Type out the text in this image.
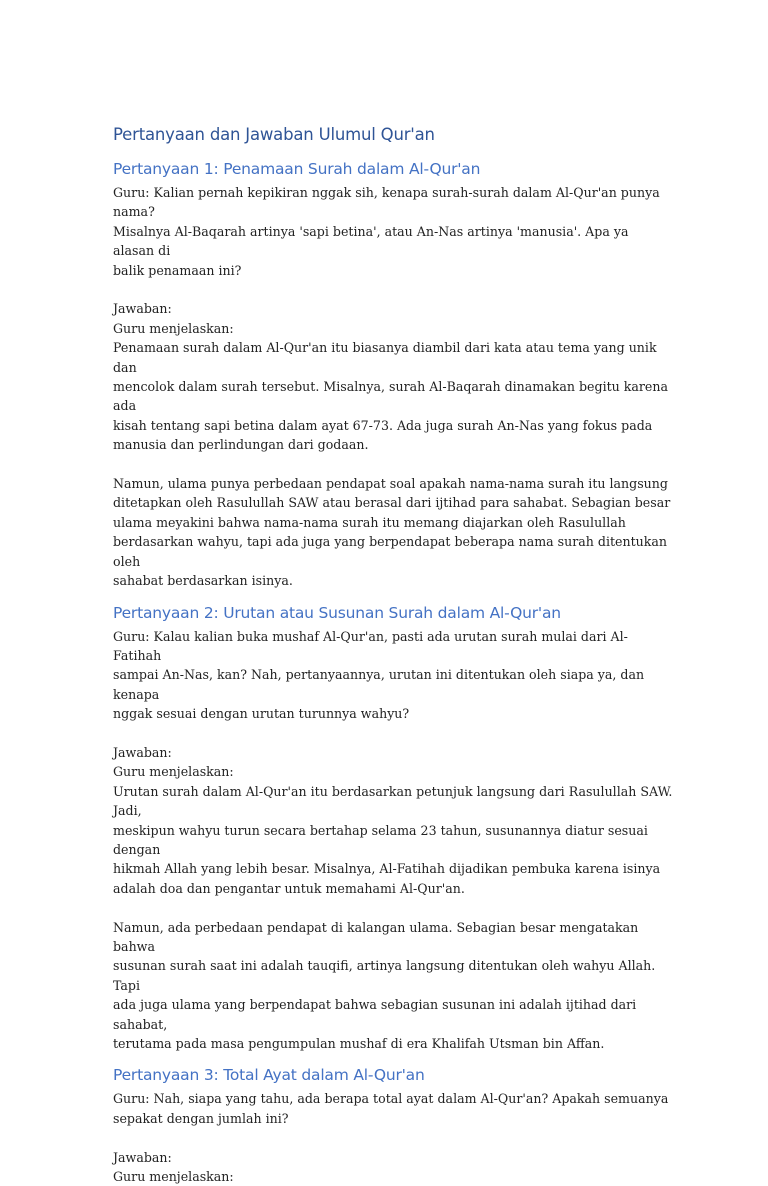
Pertanyaan dan Jawaban Ulumul Qur'an
Pertanyaan 1: Penamaan Surah dalam Al-Qur'an

Guru: Kalian pernah kepikiran nggak sih, kenapa surah-surah dalam Al-Qur'an punya nama?
Misalnya Al-Baqarah artinya 'sapi betina', atau An-Nas artinya 'manusia'. Apa ya alasan di
balik penamaan ini?

Jawaban:

Guru menjelaskan:

Penamaan surah dalam Al-Qur'an itu biasanya diambil dari kata atau tema yang unik dan
mencolok dalam surah tersebut. Misalnya, surah Al-Baqarah dinamakan begitu karena ada
kisah tentang sapi betina dalam ayat 67-73. Ada juga surah An-Nas yang fokus pada
manusia dan perlindungan dari godaan.

Namun, ulama punya perbedaan pendapat soal apakah nama-nama surah itu langsung
ditetapkan oleh Rasulullah SAW atau berasal dari ijtihad para sahabat. Sebagian besar
ulama meyakini bahwa nama-nama surah itu memang diajarkan oleh Rasulullah
berdasarkan wahyu, tapi ada juga yang berpendapat beberapa nama surah ditentukan oleh
sahabat berdasarkan isinya.

Pertanyaan 2: Urutan atau Susunan Surah dalam Al-Qur'an

Guru: Kalau kalian buka mushaf Al-Qur'an, pasti ada urutan surah mulai dari Al-Fatihah
sampai An-Nas, kan? Nah, pertanyaannya, urutan ini ditentukan oleh siapa ya, dan kenapa
nggak sesuai dengan urutan turunnya wahyu?

Jawaban:

Guru menjelaskan:

Urutan surah dalam Al-Qur'an itu berdasarkan petunjuk langsung dari Rasulullah SAW. Jadi,
meskipun wahyu turun secara bertahap selama 23 tahun, susunannya diatur sesuai dengan
hikmah Allah yang lebih besar. Misalnya, Al-Fatihah dijadikan pembuka karena isinya
adalah doa dan pengantar untuk memahami Al-Qur'an.

Namun, ada perbedaan pendapat di kalangan ulama. Sebagian besar mengatakan bahwa
susunan surah saat ini adalah tauqifi, artinya langsung ditentukan oleh wahyu Allah. Tapi
ada juga ulama yang berpendapat bahwa sebagian susunan ini adalah ijtihad dari sahabat,
terutama pada masa pengumpulan mushaf di era Khalifah Utsman bin Affan.

Pertanyaan 3: Total Ayat dalam Al-Qur'an

Guru: Nah, siapa yang tahu, ada berapa total ayat dalam Al-Qur'an? Apakah semuanya
sepakat dengan jumlah ini?

Jawaban:

Guru menjelaskan:
